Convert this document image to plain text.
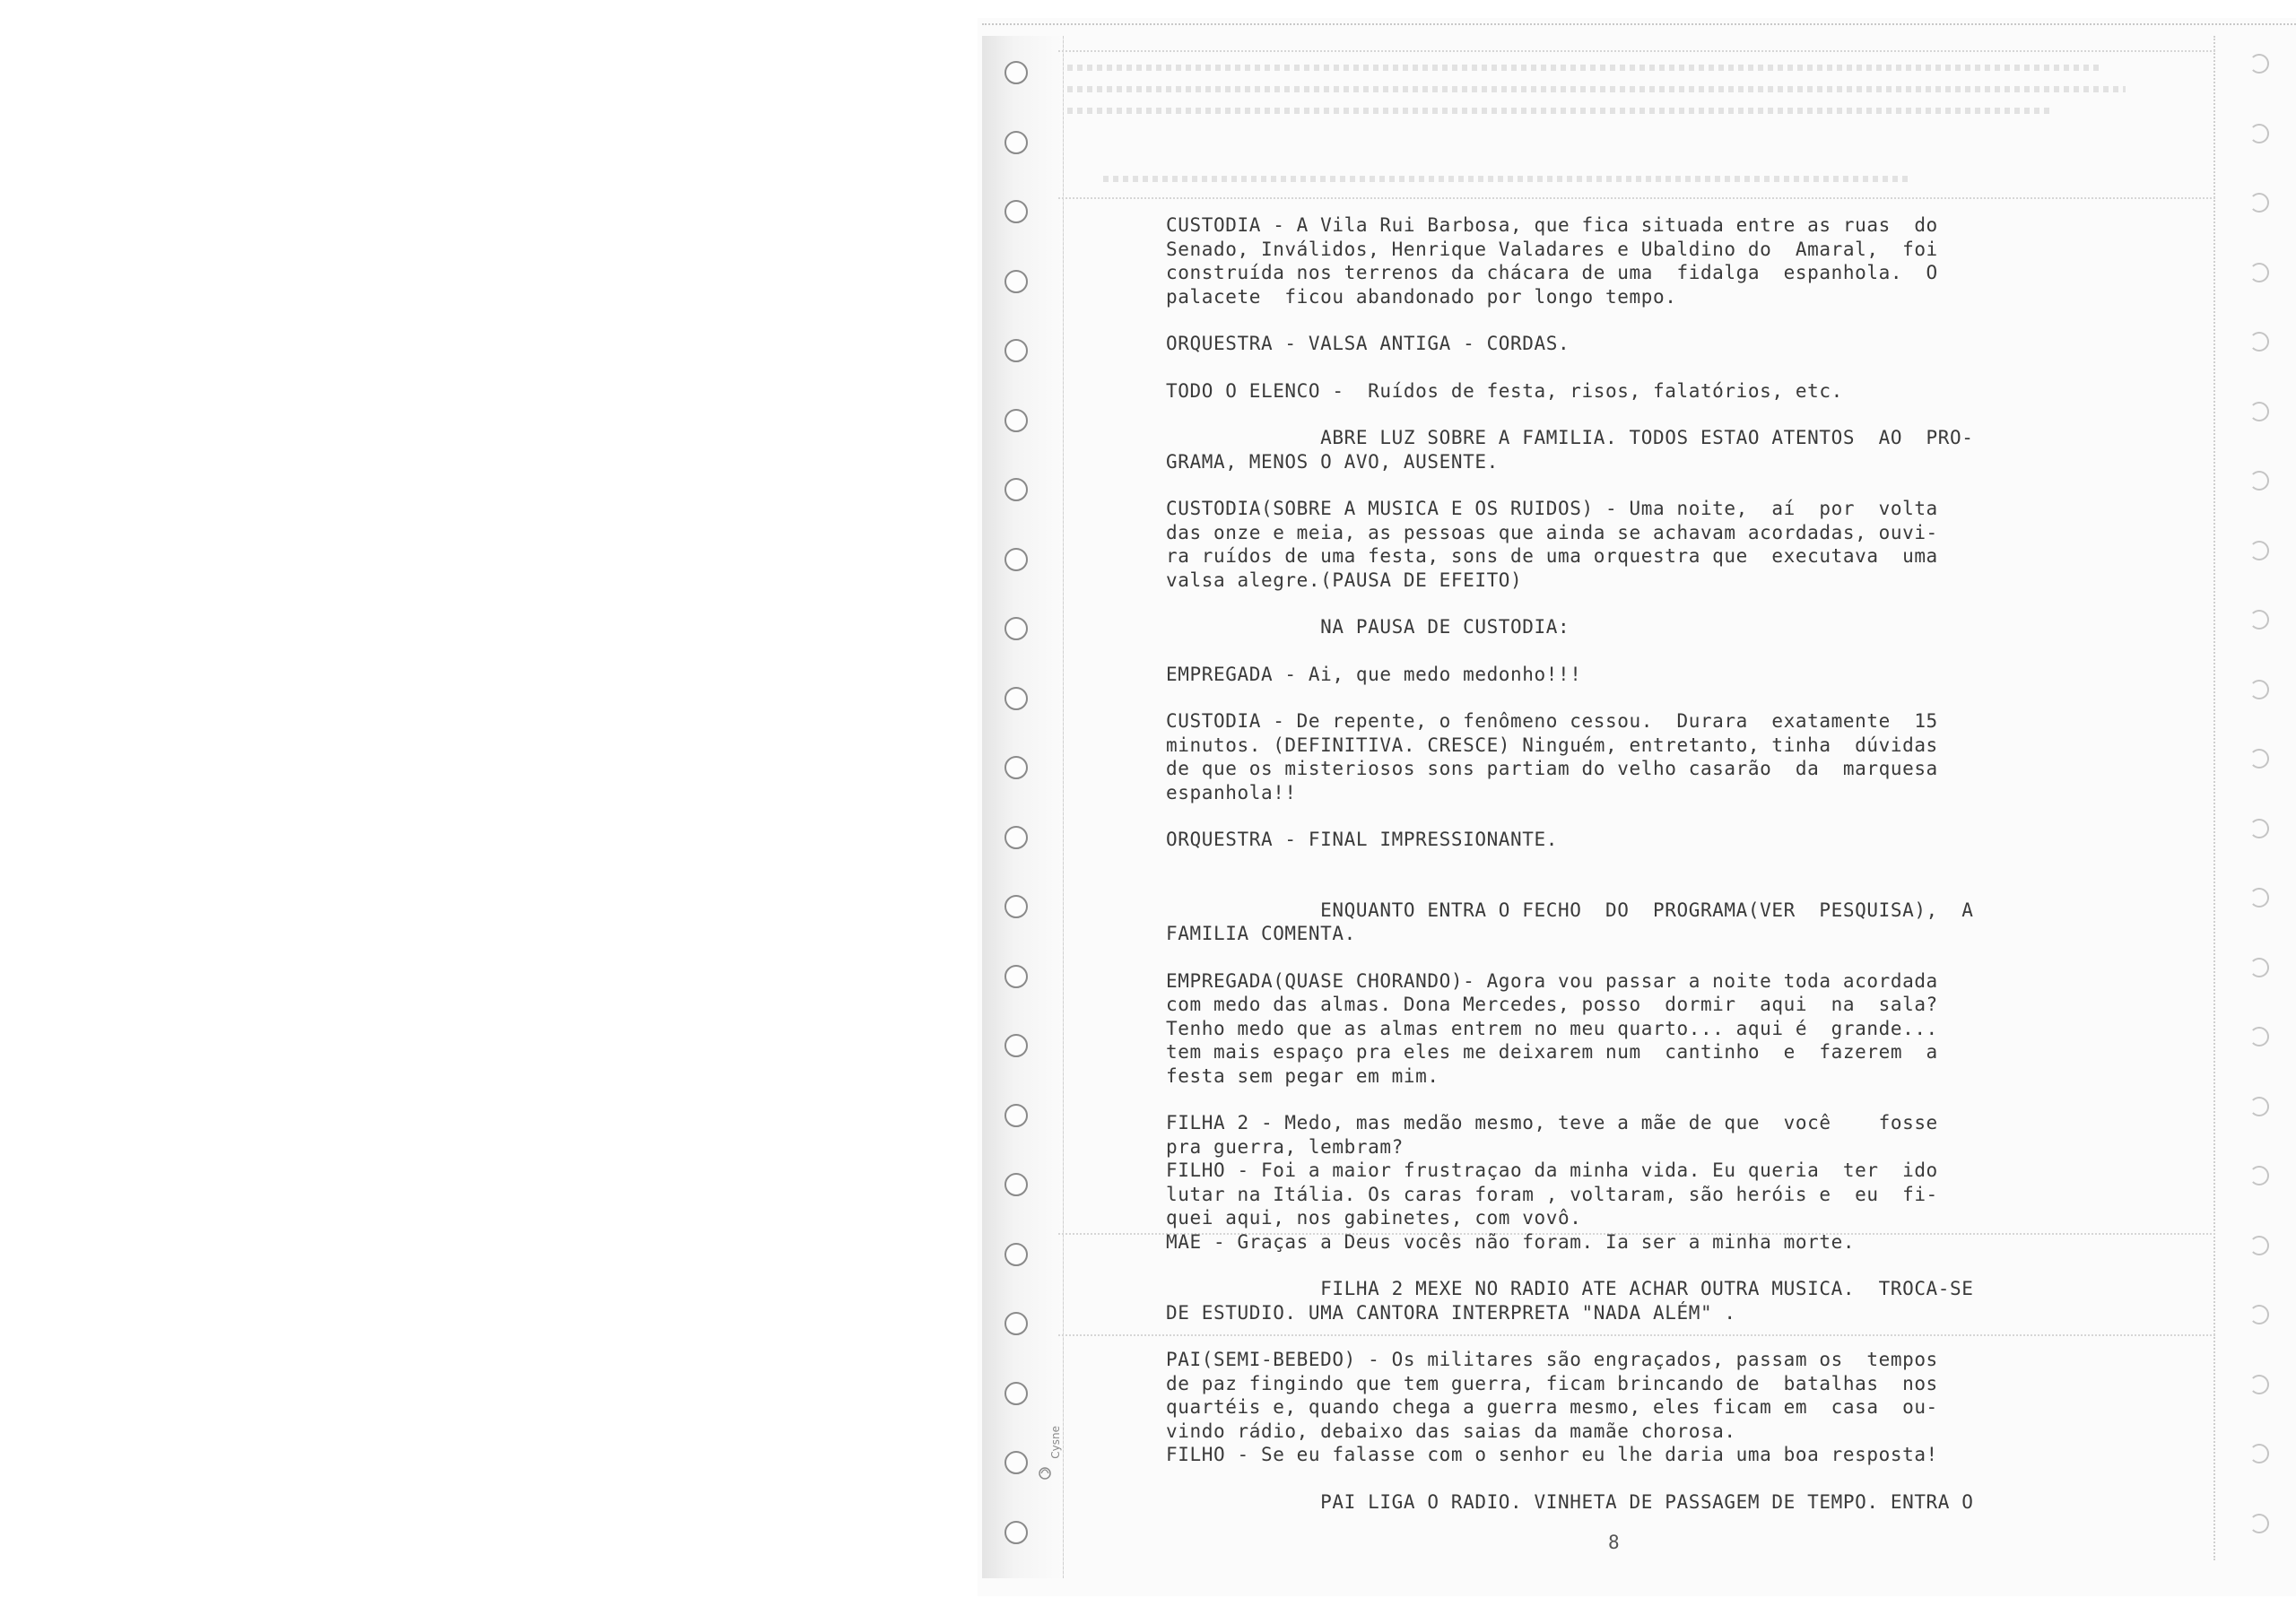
Cysne
CUSTODIA - A Vila Rui Barbosa, que fica situada entre as ruas  do
Senado, Inválidos, Henrique Valadares e Ubaldino do  Amaral,  foi
construída nos terrenos da chácara de uma  fidalga  espanhola.  O
palacete  ficou abandonado por longo tempo.
ORQUESTRA - VALSA ANTIGA - CORDAS.
TODO O ELENCO -  Ruídos de festa, risos, falatórios, etc.
ABRE LUZ SOBRE A FAMILIA. TODOS ESTAO ATENTOS  AO  PRO-
GRAMA, MENOS O AVO, AUSENTE.
CUSTODIA(SOBRE A MUSICA E OS RUIDOS) - Uma noite,  aí  por  volta
das onze e meia, as pessoas que ainda se achavam acordadas, ouvi-
ra ruídos de uma festa, sons de uma orquestra que  executava  uma
valsa alegre.(PAUSA DE EFEITO)
NA PAUSA DE CUSTODIA:
EMPREGADA - Ai, que medo medonho!!!
CUSTODIA - De repente, o fenômeno cessou.  Durara  exatamente  15
minutos. (DEFINITIVA. CRESCE) Ninguém, entretanto, tinha  dúvidas
de que os misteriosos sons partiam do velho casarão  da  marquesa
espanhola!!
ORQUESTRA - FINAL IMPRESSIONANTE.
ENQUANTO ENTRA O FECHO  DO  PROGRAMA(VER  PESQUISA),  A
FAMILIA COMENTA.
EMPREGADA(QUASE CHORANDO)- Agora vou passar a noite toda acordada
com medo das almas. Dona Mercedes, posso  dormir  aqui  na  sala?
Tenho medo que as almas entrem no meu quarto... aqui é  grande...
tem mais espaço pra eles me deixarem num  cantinho  e  fazerem  a
festa sem pegar em mim.
FILHA 2 - Medo, mas medão mesmo, teve a mãe de que  você    fosse
pra guerra, lembram?
FILHO - Foi a maior frustraçao da minha vida. Eu queria  ter  ido
lutar na Itália. Os caras foram , voltaram, são heróis e  eu  fi-
quei aqui, nos gabinetes, com vovô.
MAE - Graças a Deus vocês não foram. Ia ser a minha morte.
FILHA 2 MEXE NO RADIO ATE ACHAR OUTRA MUSICA.  TROCA-SE
DE ESTUDIO. UMA CANTORA INTERPRETA "NADA ALÉM" .
PAI(SEMI-BEBEDO) - Os militares são engraçados, passam os  tempos
de paz fingindo que tem guerra, ficam brincando de  batalhas  nos
quartéis e, quando chega a guerra mesmo, eles ficam em  casa  ou-
vindo rádio, debaixo das saias da mamãe chorosa.
FILHO - Se eu falasse com o senhor eu lhe daria uma boa resposta!
PAI LIGA O RADIO. VINHETA DE PASSAGEM DE TEMPO. ENTRA O
8
